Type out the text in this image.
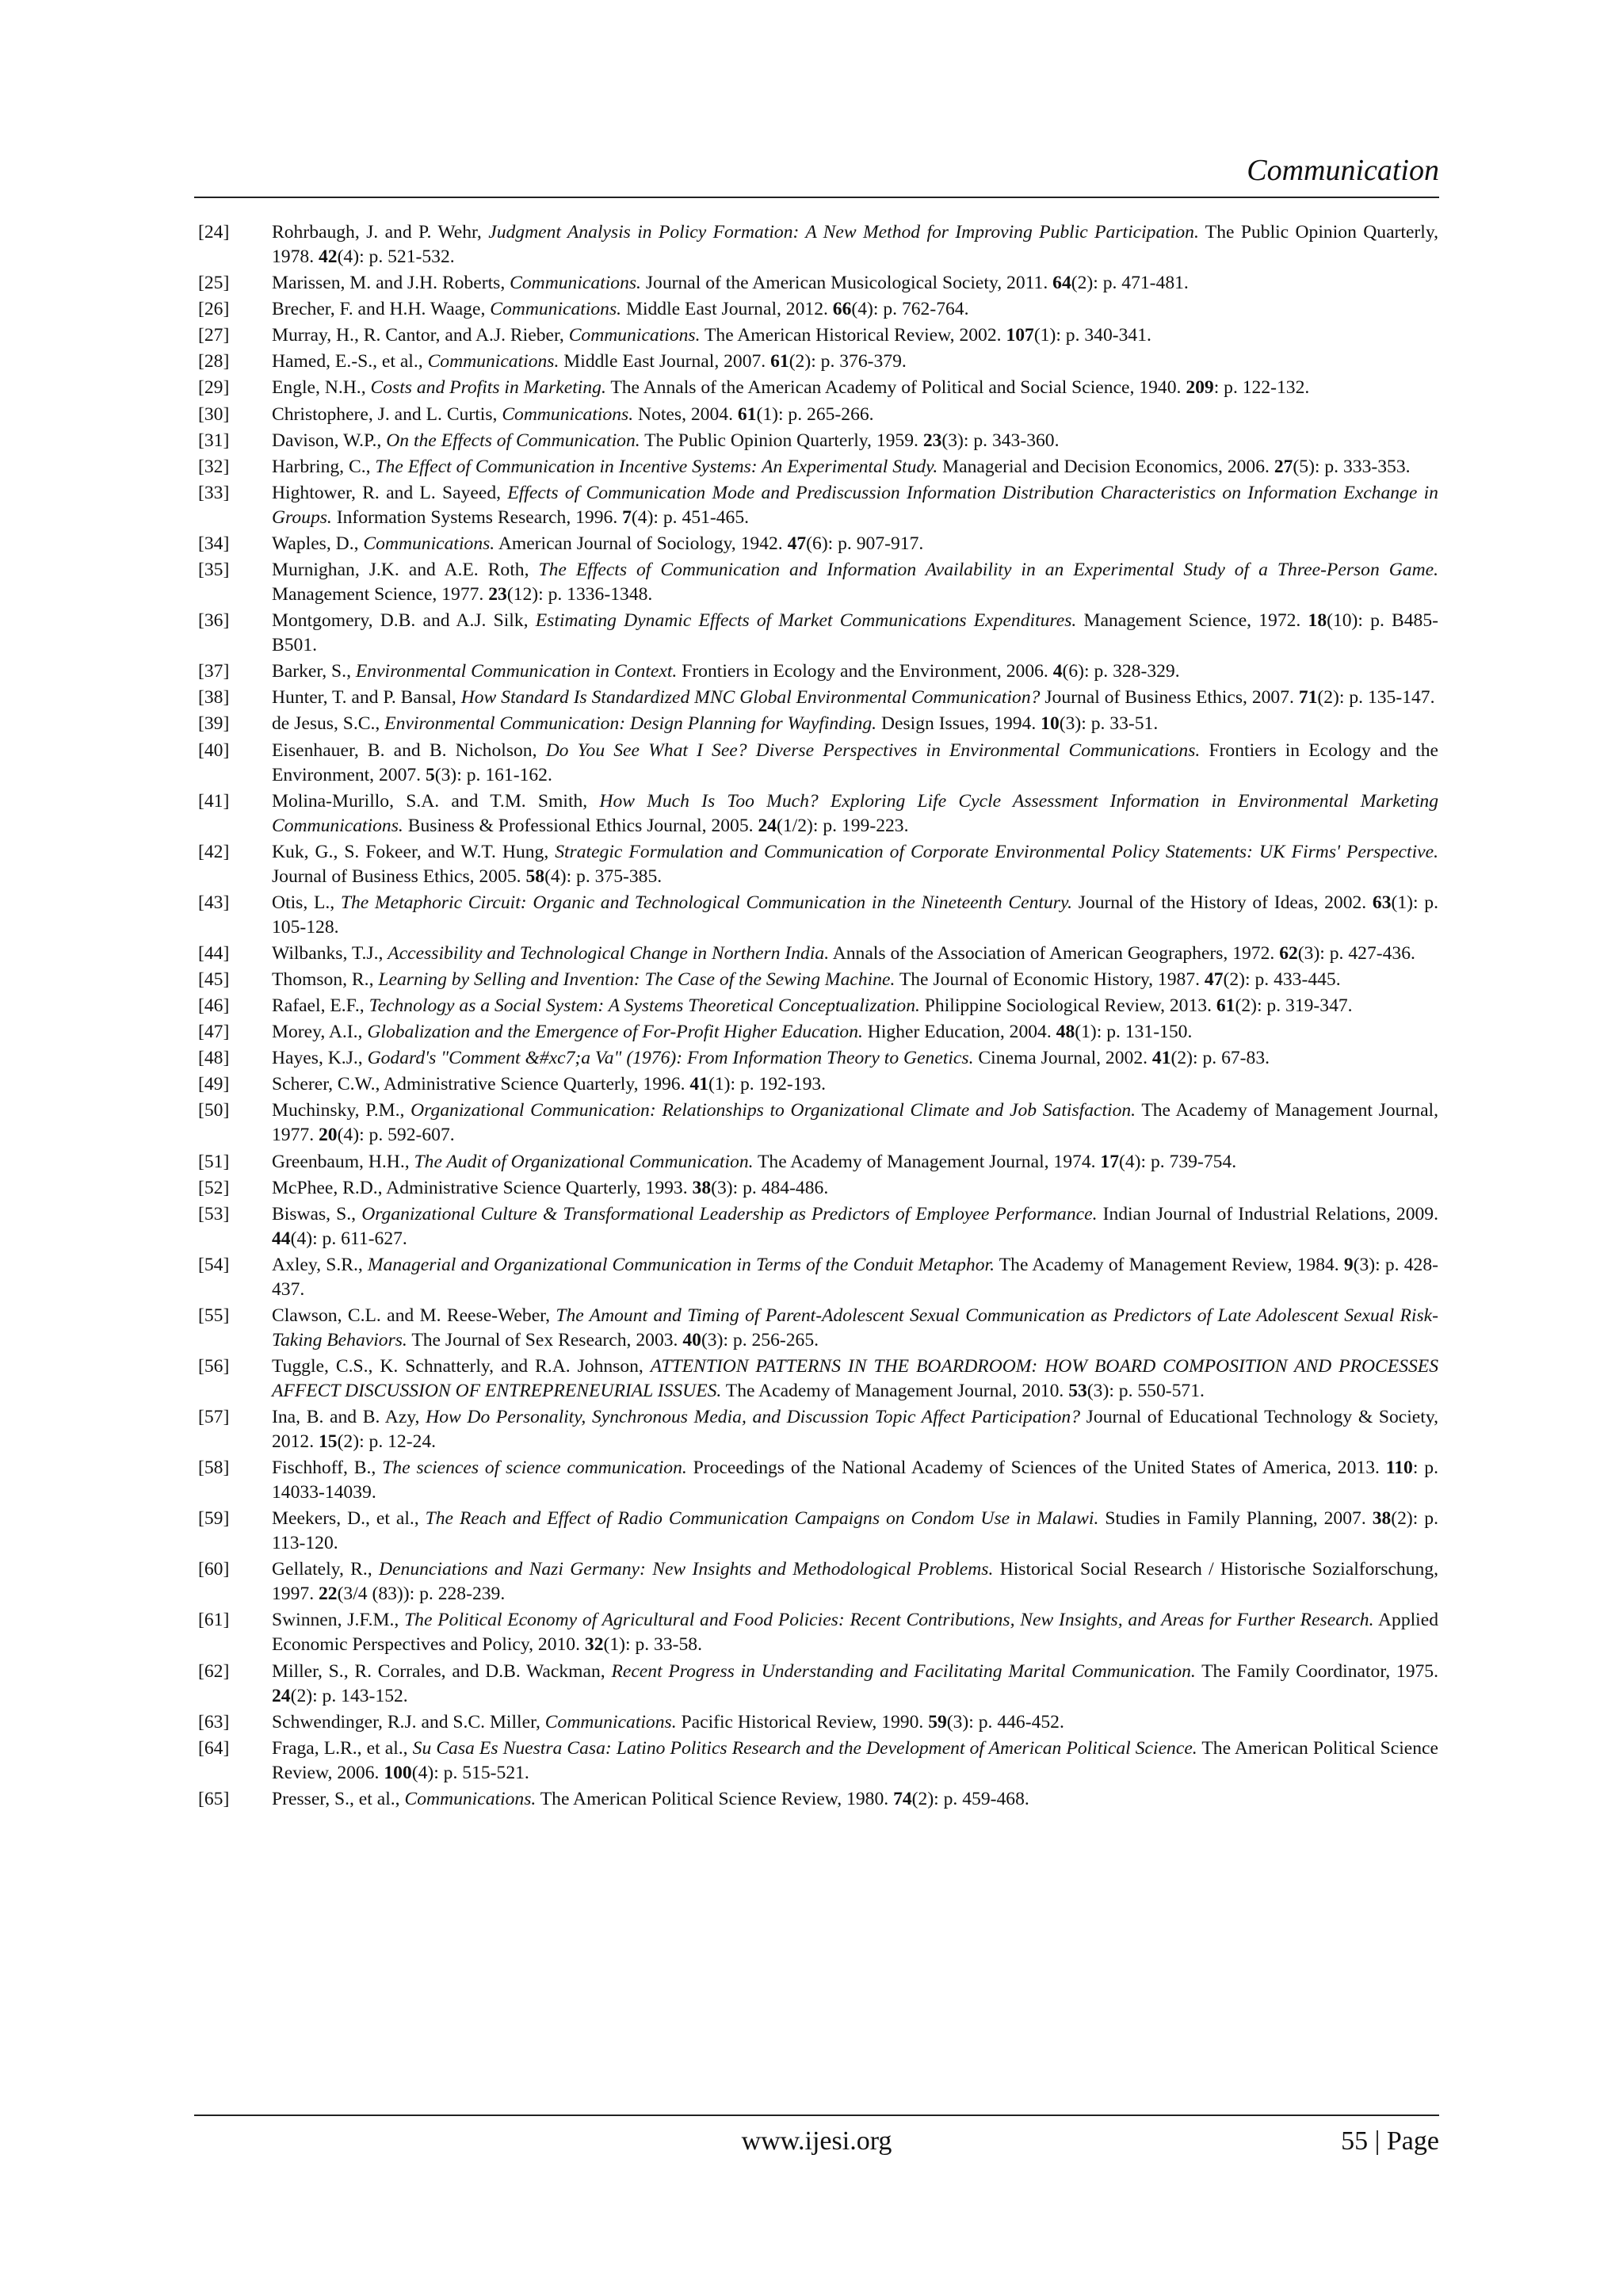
Communication
[24]	Rohrbaugh, J. and P. Wehr, Judgment Analysis in Policy Formation: A New Method for Improving Public Participation. The Public Opinion Quarterly, 1978. 42(4): p. 521-532.
[25]	Marissen, M. and J.H. Roberts, Communications. Journal of the American Musicological Society, 2011. 64(2): p. 471-481.
[26]	Brecher, F. and H.H. Waage, Communications. Middle East Journal, 2012. 66(4): p. 762-764.
[27]	Murray, H., R. Cantor, and A.J. Rieber, Communications. The American Historical Review, 2002. 107(1): p. 340-341.
[28]	Hamed, E.-S., et al., Communications. Middle East Journal, 2007. 61(2): p. 376-379.
[29]	Engle, N.H., Costs and Profits in Marketing. The Annals of the American Academy of Political and Social Science, 1940. 209: p. 122-132.
[30]	Christophere, J. and L. Curtis, Communications. Notes, 2004. 61(1): p. 265-266.
[31]	Davison, W.P., On the Effects of Communication. The Public Opinion Quarterly, 1959. 23(3): p. 343-360.
[32]	Harbring, C., The Effect of Communication in Incentive Systems: An Experimental Study. Managerial and Decision Economics, 2006. 27(5): p. 333-353.
[33]	Hightower, R. and L. Sayeed, Effects of Communication Mode and Prediscussion Information Distribution Characteristics on Information Exchange in Groups. Information Systems Research, 1996. 7(4): p. 451-465.
[34]	Waples, D., Communications. American Journal of Sociology, 1942. 47(6): p. 907-917.
[35]	Murnighan, J.K. and A.E. Roth, The Effects of Communication and Information Availability in an Experimental Study of a Three-Person Game. Management Science, 1977. 23(12): p. 1336-1348.
[36]	Montgomery, D.B. and A.J. Silk, Estimating Dynamic Effects of Market Communications Expenditures. Management Science, 1972. 18(10): p. B485-B501.
[37]	Barker, S., Environmental Communication in Context. Frontiers in Ecology and the Environment, 2006. 4(6): p. 328-329.
[38]	Hunter, T. and P. Bansal, How Standard Is Standardized MNC Global Environmental Communication? Journal of Business Ethics, 2007. 71(2): p. 135-147.
[39]	de Jesus, S.C., Environmental Communication: Design Planning for Wayfinding. Design Issues, 1994. 10(3): p. 33-51.
[40]	Eisenhauer, B. and B. Nicholson, Do You See What I See? Diverse Perspectives in Environmental Communications. Frontiers in Ecology and the Environment, 2007. 5(3): p. 161-162.
[41]	Molina-Murillo, S.A. and T.M. Smith, How Much Is Too Much? Exploring Life Cycle Assessment Information in Environmental Marketing Communications. Business & Professional Ethics Journal, 2005. 24(1/2): p. 199-223.
[42]	Kuk, G., S. Fokeer, and W.T. Hung, Strategic Formulation and Communication of Corporate Environmental Policy Statements: UK Firms' Perspective. Journal of Business Ethics, 2005. 58(4): p. 375-385.
[43]	Otis, L., The Metaphoric Circuit: Organic and Technological Communication in the Nineteenth Century. Journal of the History of Ideas, 2002. 63(1): p. 105-128.
[44]	Wilbanks, T.J., Accessibility and Technological Change in Northern India. Annals of the Association of American Geographers, 1972. 62(3): p. 427-436.
[45]	Thomson, R., Learning by Selling and Invention: The Case of the Sewing Machine. The Journal of Economic History, 1987. 47(2): p. 433-445.
[46]	Rafael, E.F., Technology as a Social System: A Systems Theoretical Conceptualization. Philippine Sociological Review, 2013. 61(2): p. 319-347.
[47]	Morey, A.I., Globalization and the Emergence of For-Profit Higher Education. Higher Education, 2004. 48(1): p. 131-150.
[48]	Hayes, K.J., Godard's "Comment &#xc7;a Va" (1976): From Information Theory to Genetics. Cinema Journal, 2002. 41(2): p. 67-83.
[49]	Scherer, C.W., Administrative Science Quarterly, 1996. 41(1): p. 192-193.
[50]	Muchinsky, P.M., Organizational Communication: Relationships to Organizational Climate and Job Satisfaction. The Academy of Management Journal, 1977. 20(4): p. 592-607.
[51]	Greenbaum, H.H., The Audit of Organizational Communication. The Academy of Management Journal, 1974. 17(4): p. 739-754.
[52]	McPhee, R.D., Administrative Science Quarterly, 1993. 38(3): p. 484-486.
[53]	Biswas, S., Organizational Culture & Transformational Leadership as Predictors of Employee Performance. Indian Journal of Industrial Relations, 2009. 44(4): p. 611-627.
[54]	Axley, S.R., Managerial and Organizational Communication in Terms of the Conduit Metaphor. The Academy of Management Review, 1984. 9(3): p. 428-437.
[55]	Clawson, C.L. and M. Reese-Weber, The Amount and Timing of Parent-Adolescent Sexual Communication as Predictors of Late Adolescent Sexual Risk-Taking Behaviors. The Journal of Sex Research, 2003. 40(3): p. 256-265.
[56]	Tuggle, C.S., K. Schnatterly, and R.A. Johnson, ATTENTION PATTERNS IN THE BOARDROOM: HOW BOARD COMPOSITION AND PROCESSES AFFECT DISCUSSION OF ENTREPRENEURIAL ISSUES. The Academy of Management Journal, 2010. 53(3): p. 550-571.
[57]	Ina, B. and B. Azy, How Do Personality, Synchronous Media, and Discussion Topic Affect Participation? Journal of Educational Technology & Society, 2012. 15(2): p. 12-24.
[58]	Fischhoff, B., The sciences of science communication. Proceedings of the National Academy of Sciences of the United States of America, 2013. 110: p. 14033-14039.
[59]	Meekers, D., et al., The Reach and Effect of Radio Communication Campaigns on Condom Use in Malawi. Studies in Family Planning, 2007. 38(2): p. 113-120.
[60]	Gellately, R., Denunciations and Nazi Germany: New Insights and Methodological Problems. Historical Social Research / Historische Sozialforschung, 1997. 22(3/4 (83)): p. 228-239.
[61]	Swinnen, J.F.M., The Political Economy of Agricultural and Food Policies: Recent Contributions, New Insights, and Areas for Further Research. Applied Economic Perspectives and Policy, 2010. 32(1): p. 33-58.
[62]	Miller, S., R. Corrales, and D.B. Wackman, Recent Progress in Understanding and Facilitating Marital Communication. The Family Coordinator, 1975. 24(2): p. 143-152.
[63]	Schwendinger, R.J. and S.C. Miller, Communications. Pacific Historical Review, 1990. 59(3): p. 446-452.
[64]	Fraga, L.R., et al., Su Casa Es Nuestra Casa: Latino Politics Research and the Development of American Political Science. The American Political Science Review, 2006. 100(4): p. 515-521.
[65]	Presser, S., et al., Communications. The American Political Science Review, 1980. 74(2): p. 459-468.
www.ijesi.org	55 | Page
